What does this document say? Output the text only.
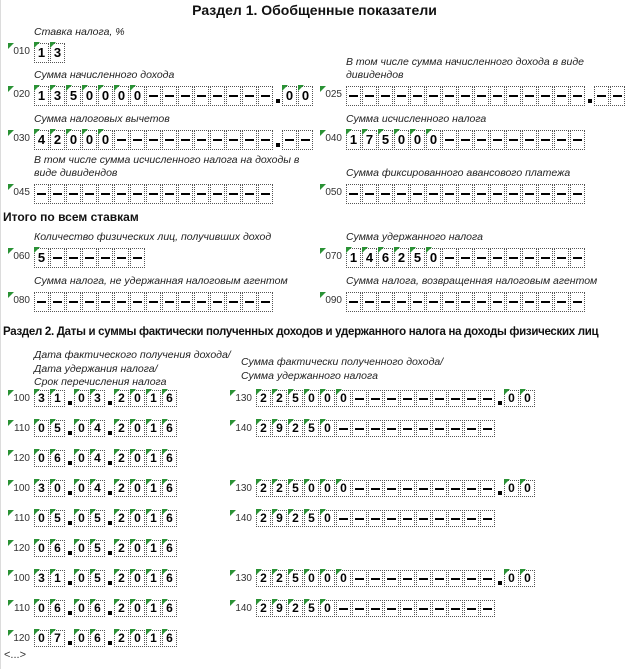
Раздел 1. Обобщенные показатели
Итого по всем ставкам
Раздел 2. Даты и суммы фактически полученных доходов и удержанного налога на доходы физических лиц
Дата фактического получения дохода/
Дата удержания налога/
Срок перечисления налога
Сумма фактически полученного дохода/
Сумма удержанного налога
<...>
010 1 3
Ставка налога, %
020 1 3 5 0 0 0 0	0 0
Сумма начисленного дохода
025
В том числе сумма начисленного дохода в виде дивидендов
030 4 2 0 0 0
Сумма налоговых вычетов
040 1 7 5 0 0 0
Сумма исчисленного налога
045
В том числе сумма исчисленного налога на доходы в виде дивидендов
050
Сумма фиксированного авансового платежа
060 5
Количество физических лиц, получивших доход
070 1 4 6 2 5 0
Сумма удержанного налога
080
Сумма налога, не удержанная налоговым агентом
090
Сумма налога, возвращенная налоговым агентом
100 3 1	0 3	2 0 1 6	130 2 2 5 0 0 0	0 0
110 0 5	0 4	2 0 1 6	140 2 9 2 5 0
120 0 6	0 4	2 0 1 6
100 3 0	0 4	2 0 1 6	130 2 2 5 0 0 0	0 0
110 0 5	0 5	2 0 1 6	140 2 9 2 5 0
120 0 6	0 5	2 0 1 6
100 3 1	0 5	2 0 1 6	130 2 2 5 0 0 0	0 0
110 0 6	0 6	2 0 1 6	140 2 9 2 5 0
120 0 7	0 6	2 0 1 6
